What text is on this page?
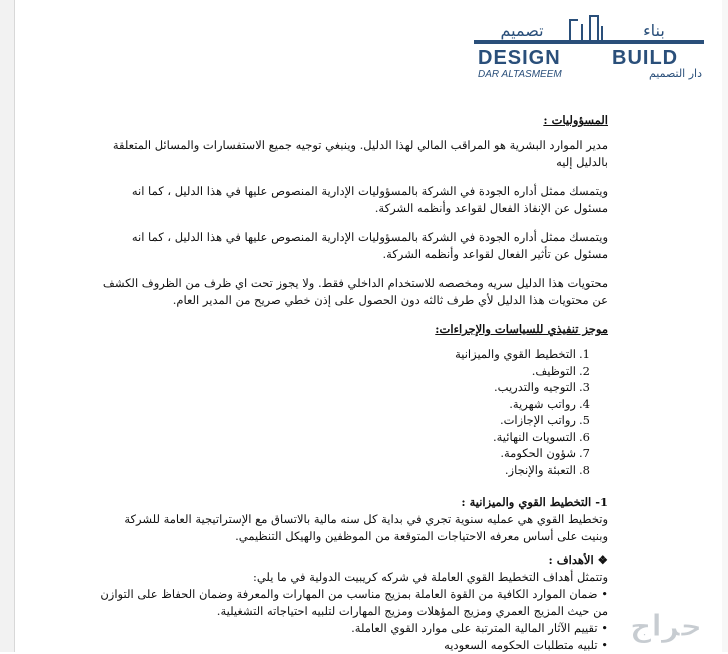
تصميم	بناء
DESIGN	BUILD
DAR ALTASMEEM	دار التصميم

المسؤوليات :

مدير الموارد البشرية هو المراقب المالي لهذا الدليل. وينبغي توجيه جميع الاستفسارات والمسائل المتعلقة بالدليل إليه

ويتمسك ممثل أداره الجودة في الشركة بالمسؤوليات الإدارية المنصوص عليها في هذا الدليل ، كما انه مسئول عن الإنفاذ الفعال لقواعد وأنظمه الشركة.

ويتمسك ممثل أداره الجودة في الشركة بالمسؤوليات الإدارية المنصوص عليها في هذا الدليل ، كما انه مسئول عن تأثير الفعال لقواعد وأنظمه الشركة.

محتويات هذا الدليل سريه ومخصصه للاستخدام الداخلي فقط. ولا يجوز تحت اي ظرف من الظروف الكشف عن محتويات هذا الدليل لأي طرف ثالثه دون الحصول على إذن خطي صريح من المدير العام.

موجز تنفيذي للسياسات والإجراءات:

1.التخطيط القوي والميزانية
2.التوظيف.
3.التوجيه والتدريب.
4.رواتب شهرية.
5.رواتب الإجازات.
6.التسويات النهائية.
7.شؤون الحكومة.
8.التعبئة والإنجاز.

1- التخطيط القوي والميزانية :

وتخطيط القوي هي عمليه سنوية تجري في بداية كل سنه مالية بالاتساق مع الإستراتيجية العامة للشركة وبنيت على أساس معرفه الاحتياجات المتوقعة من الموظفين والهيكل التنظيمي.

❖ الأهداف :

وتتمثل أهداف التخطيط القوي العاملة في شركه كريبيت الدولية في ما يلي:

• ضمان الموارد الكافية من القوة العاملة بمزيج مناسب من المهارات والمعرفة وضمان الحفاظ على التوازن من حيث المزيج العمري ومزيج المؤهلات ومزيج المهارات لتلبيه احتياجاته التشغيلية.

• تقييم الآثار المالية المترتبة على موارد القوي العاملة.

• تلبيه متطلبات الحكومه السعوديه

حراج
